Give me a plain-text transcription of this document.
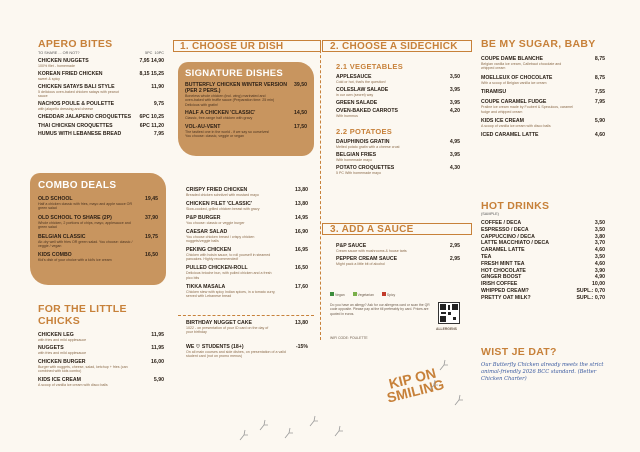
APERO BITES
TO SHARE ... OR NOT?	5PC 10PC
CHICKEN NUGGETS	7,95 14,90
100% filet - homemade
KOREAN FRIED CHICKEN	8,15 15,25
sweet & spicy
CHICKEN SATAYS BALI STYLE	11,90
5 delicious oven-baked chicken satays with peanut sauce
NACHOS POULE & POULETTE	9,75
with jalapeño dressing and cheese
CHEDDAR JALAPENO CROQUETTES 6PC 10,25
THAI CHICKEN CROQUETTES	6PC 11,20
HUMUS WITH LEBANESE BREAD	7,95
COMBO DEALS
OLD SCHOOL	19,45
Half a chicken classic with fries, mayo and apple sauce OR green salad
OLD SCHOOL TO SHARE (2P)	37,90
Whole chicken, 2 portions of chips, mayo, applesauce and green salad
BELGIAN CLASSIC	19,75
Air-dry well with fries OR green salad. You choose: classic / veggie / vegan
KIDS COMBO	16,50
Kid's dish of your choice with a kid's ice cream
FOR THE LITTLE CHICKS
CHICKEN LEG	11,95
with fries and mild applesauce
NUGGETS	11,95
with fries and mild applesauce
CHICKEN BURGER	16,00
Burger with nuggets, cheese, salad, ketchup + fries (can combined with kids combo)
KIDS ICE CREAM	5,90
A scoop of vanilla ice cream with disco balls
1. CHOOSE UR DISH
SIGNATURE DISHES
BUTTERFLY CHICKEN WINTER VERSION (PER 2 PERS.)
39,50
Boneless whole chicken (incl. wing) marinated and oven-baked with truffle sauce (Preparation time: 25 min) Delicious with gratin!
HALF A CHICKEN 'CLASSIC'	14,50
Classic, free-range half chicken with gravy
VOL-AU-VENT	17,50
The tastiest one in the world - if we say so ourselves! You choose: classic, veggie or vegan
CRISPY FRIED CHICKEN	13,80
Breaded chicken schnitzel with mustard mayo
CHICKEN FILET 'CLASSIC'	13,80
Slow-cooked, grilled chicken breast with gravy
P&P BURGER	14,95
You choose: classic or veggie burger
CAESAR SALAD	16,90
You choose chicken breast / crispy chicken nuggets/veggie balls
PEKING CHICKEN	16,95
Chicken with hoisin sauce, to roll yourself in steamed pancakes. Highly recommended!
PULLED CHICKEN-ROLL	16,50
Delicious brioche bun, with pulled chicken and a fresh pico bits
TIKKA MASALA	17,60
Chicken stew with spicy Indian spices, in a tomato curry, served with Lebanese bread
BIRTHDAY NUGGET CAKE	13,80
1022 - on presentation of your ID card on the day of your birthday
WE ♡ STUDENTS (18+)	-15%
On all main courses and side dishes, on presentation of a valid student card (not on promo menus)
2. CHOOSE A SIDECHICK
2.1 VEGETABLES
APPLESAUCE	3,50
Cold or hot, that's the question!
COLESLAW SALADE	3,95
in our own (secret) way
GREEN SALADE	3,95
OVEN-BAKED CARROTS	4,20
With hummus
2.2 POTATOES
DAUPHINOIS GRATIN	4,95
Melted potato gratin with a cheese crust
BELGIAN FRIES	3,95
With homemade mayo
POTATO CROQUETTES	4,30
5 PC With homemade mayo
3. ADD A SAUCE
P&P SAUCE	2,95
Cream sauce with mushrooms & house tarts
PEPPER CREAM SAUCE	2,95
Might pack a little bit of alcohol
Vegan	Vegetarian	Spicy
Do you have an allergy? Ask for our allergens card or scan the QR code opposite. Please pay at the till preferably by card. Prices are quoted in euros.
ALLERGENS
WIFI CODE: POULETTE
KIP ON SMILING
BE MY SUGAR, BABY
COUPE DAME BLANCHE	8,75
Belgian vanilla ice cream, Callebaut chocolate and whipped cream
MOELLEUX OF CHOCOLATE	8,75
With a scoop of Belgian vanilla ice cream
TIRAMISU	7,55
COUPE CARAMEL FUDGE	7,95
Praline ice cream made by Foubert & Speculoos, caramel fudge and whipped cream
KIDS ICE CREAM	5,90
A scoop of vanilla ice cream with disco balls
ICED CARAMEL LATTE	4,60
HOT DRINKS
(SAMPLE)
COFFEE / DECA	3,50
ESPRESSO / DECA	3,50
CAPPUCCINO / DECA	3,80
LATTE MACCHIATO / DECA	3,70
CARAMEL LATTE	4,60
TEA	3,50
FRESH MINT TEA	4,60
HOT CHOCOLATE	3,90
GINGER BOOST	4,90
IRISH COFFEE	10,00
WHIPPED CREAM?	SUPL.: 0,70
PRETTY OAT MILK?	SUPL.: 0,70
WIST JE DAT?
Our Butterfly Chicken already meets the strict animal-friendly 2026 BCC standard. (Better Chicken Charter)
